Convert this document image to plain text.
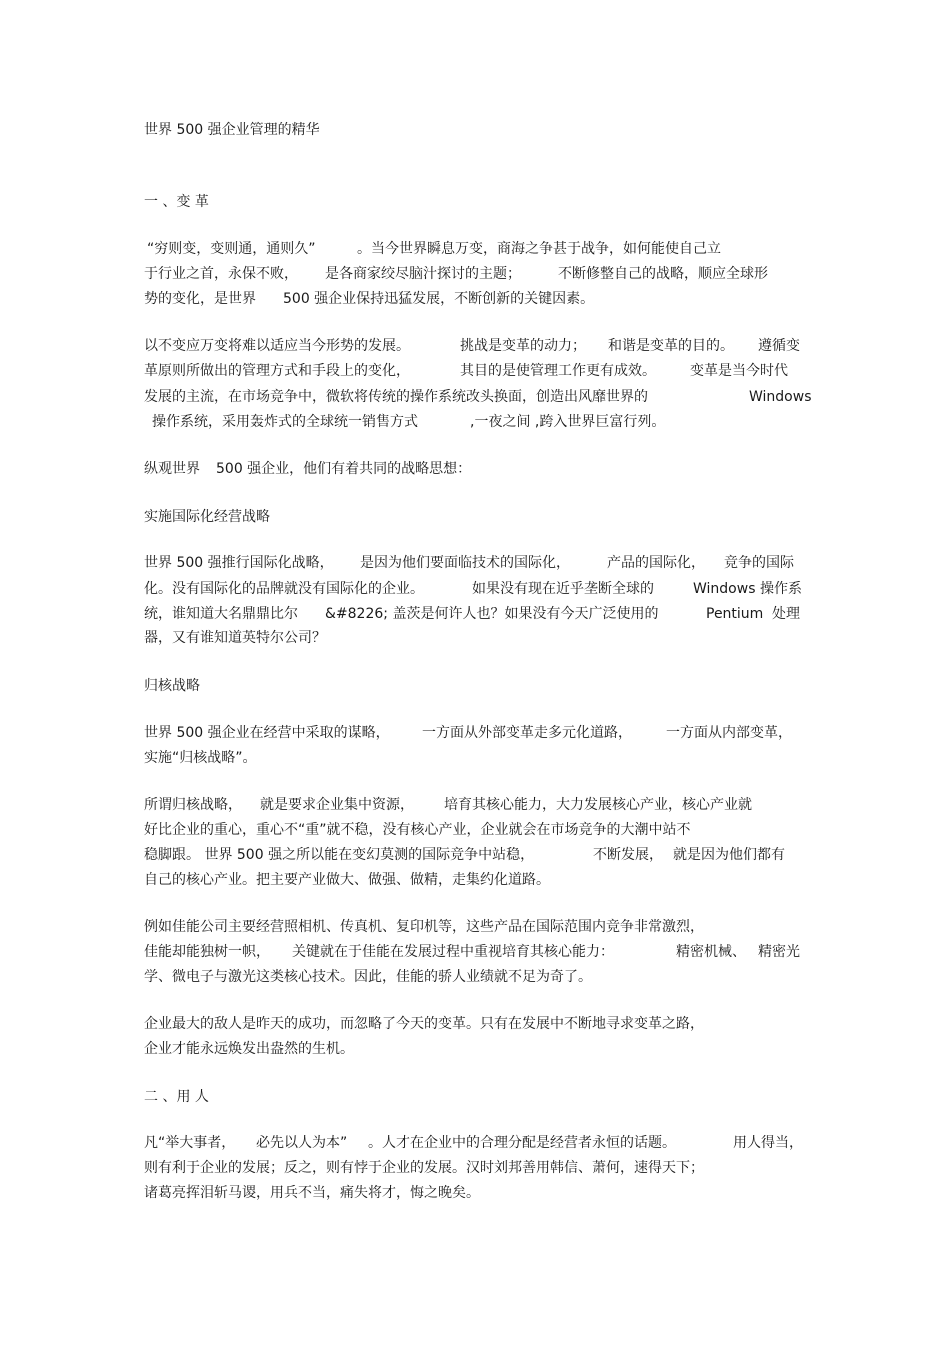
世界 500 强企业管理的精华
一 、变 革
“穷则变，变则通，通则久”	。当今世界瞬息万变，商海之争甚于战争，如何能使自己立
于行业之首，永保不败， 是各商家绞尽脑汁探讨的主题；	不断修整自己的战略，顺应全球形
势的变化，是世界 500 强企业保持迅猛发展，不断创新的关键因素。
以不变应万变将难以适应当今形势的发展。	挑战是变革的动力； 和谐是变革的目的。 遵循变
革原则所做出的管理方式和手段上的变化，	其目的是使管理工作更有成效。 变革是当今时代
发展的主流，在市场竞争中，微软将传统的操作系统改头换面，创造出风靡世界的	Windows
操作系统，采用轰炸式的全球统一销售方式	,一夜之间 ,跨入世界巨富行列。
纵观世界 500 强企业，他们有着共同的战略思想：
实施国际化经营战略
世界 500 强推行国际化战略， 是因为他们要面临技术的国际化，	产品的国际化， 竞争的国际
化。没有国际化的品牌就没有国际化的企业。	如果没有现在近乎垄断全球的	Windows 操作系
统，谁知道大名鼎鼎比尔 &#8226; 盖茨是何许人也？如果没有今天广泛使用的	Pentium 处理
器，又有谁知道英特尔公司？
归核战略
世界 500 强企业在经营中采取的谋略， 一方面从外部变革走多元化道路， 一方面从内部变革，
实施“归核战略”。
所谓归核战略， 就是要求企业集中资源， 培育其核心能力，大力发展核心产业，核心产业就
好比企业的重心，重心不“重”就不稳，没有核心产业，企业就会在市场竞争的大潮中站不
稳脚跟。 世界 500 强之所以能在变幻莫测的国际竞争中站稳，	不断发展， 就是因为他们都有
自己的核心产业。把主要产业做大、做强、做精，走集约化道路。
例如佳能公司主要经营照相机、传真机、复印机等，这些产品在国际范围内竞争非常激烈，
佳能却能独树一帜， 关键就在于佳能在发展过程中重视培育其核心能力：	精密机械、 精密光
学、微电子与激光这类核心技术。因此，佳能的骄人业绩就不足为奇了。
企业最大的敌人是昨天的成功，而忽略了今天的变革。只有在发展中不断地寻求变革之路，
企业才能永远焕发出盎然的生机。
二 、用 人
凡“举大事者， 必先以人为本” 。人才在企业中的合理分配是经营者永恒的话题。	用人得当，
则有利于企业的发展；反之，则有悖于企业的发展。汉时刘邦善用韩信、萧何，速得天下；
诸葛亮挥泪斩马谡，用兵不当，痛失将才，悔之晚矣。
